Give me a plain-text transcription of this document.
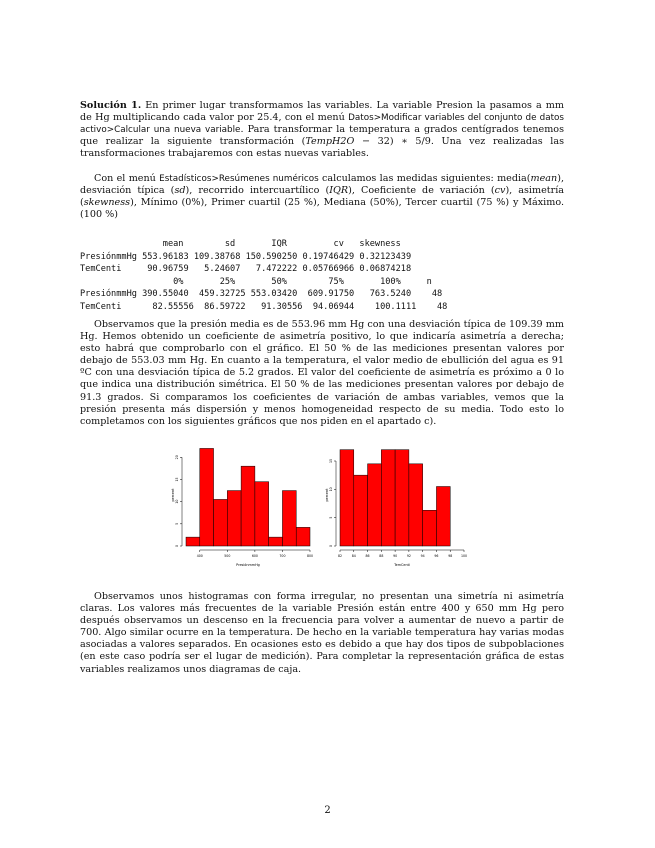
Solución 1. En primer lugar transformamos las variables. La variable Presion la pasamos a mm de Hg multiplicando cada valor por 25.4, con el menú Datos>Modificar variables del conjunto de datos activo>Calcular una nueva variable. Para transformar la temperatura a grados centígrados tenemos que realizar la siguiente transformación (TempH2O − 32) ∗ 5/9. Una vez realizadas las transformaciones trabajaremos con estas nuevas variables.

Con el menú Estadísticos>Resúmenes numéricos calculamos las medidas siguientes: media(mean), desviación típica (sd), recorrido intercuartílico (IQR), Coeficiente de variación (cv), asimetría (skewness), Mínimo (0%), Primer cuartil (25 %), Mediana (50%), Tercer cuartil (75 %) y Máximo. (100 %)

mean        sd       IQR         cv   skewness
PresiónmmHg 553.96183 109.38768 150.590250 0.19746429 0.32123439
TemCenti     90.96759   5.24607   7.472222 0.05766966 0.06874218
0%       25%       50%        75%       100%     n
PresiónmmHg 390.55040  459.32725 553.03420  609.91750   763.5240    48
TemCenti      82.55556  86.59722   91.30556  94.06944    100.1111    48

Observamos que la presión media es de 553.96 mm Hg con una desviación típica de 109.39 mm Hg. Hemos obtenido un coeficiente de asimetría positivo, lo que indicaría asimetría a derecha; esto habrá que comprobarlo con el gráfico. El 50 % de las mediciones presentan valores por debajo de 553.03 mm Hg. En cuanto a la temperatura, el valor medio de ebullición del agua es 91 ºC con una desviación típica de 5.2 grados. El valor del coeficiente de asimetría es próximo a 0 lo que indica una distribución simétrica. El 50 % de las mediciones presentan valores por debajo de 91.3 grados. Si comparamos los coeficientes de variación de ambas variables, vemos que la presión presenta más dispersión y menos homogeneidad respecto de su media. Todo esto lo completamos con los siguientes gráficos que nos piden en el apartado c).

0
5
10
15
20
percent
400	500	600	700	800
PresiónmmHg
0
5
10
15
percent
82	84	86	88	90	92	94	96	98	100
TemCenti

Observamos unos histogramas con forma irregular, no presentan una simetría ni asimetría claras. Los valores más frecuentes de la variable Presión están entre 400 y 650 mm Hg pero después observamos un descenso en la frecuencia para volver a aumentar de nuevo a partir de 700. Algo similar ocurre en la temperatura. De hecho en la variable temperatura hay varias modas asociadas a valores separados. En ocasiones esto es debido a que hay dos tipos de subpoblaciones (en este caso podría ser el lugar de medición). Para completar la representación gráfica de estas variables realizamos unos diagramas de caja.

2
